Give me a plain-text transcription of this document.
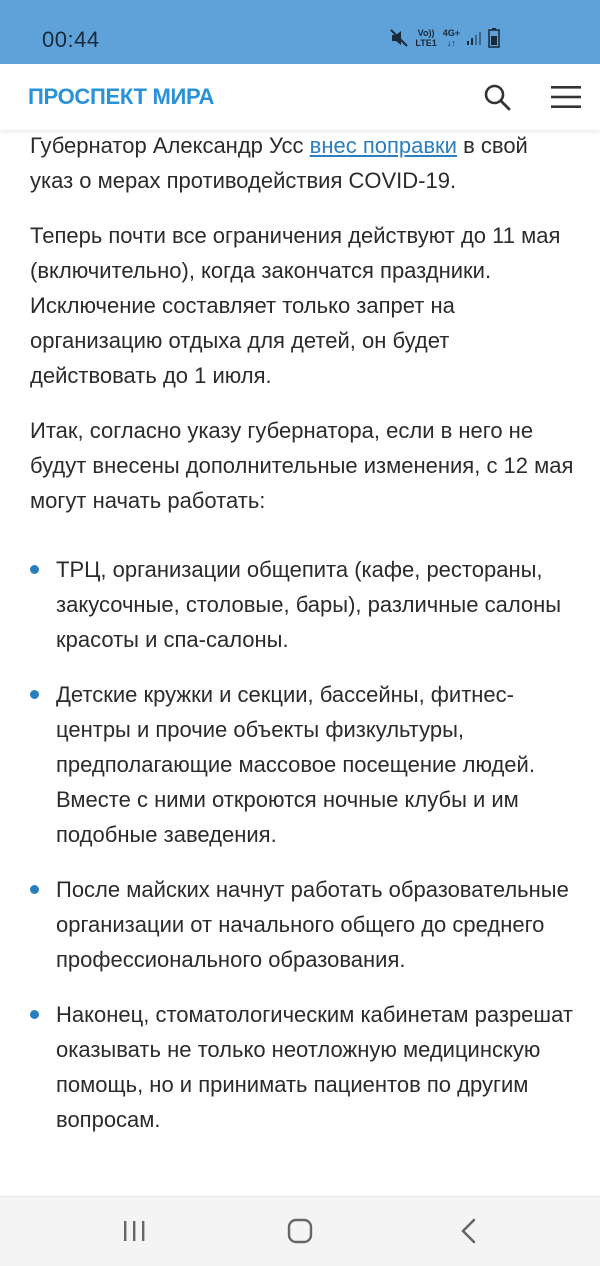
00:44	Vo))
LTE1
4G+
↓↑
ПРОСПЕКТ МИРА

Губернатор Александр Усс внес поправки в свой указ о мерах противодействия COVID-19.

Теперь почти все ограничения действуют до 11 мая (включительно), когда закончатся праздники. Исключение составляет только запрет на организацию отдыха для детей, он будет действовать до 1 июля.

Итак, согласно указу губернатора, если в него не будут внесены дополнительные изменения, с 12 мая могут начать работать:

ТРЦ, организации общепита (кафе, рестораны, закусочные, столовые, бары), различные салоны красоты и спа-салоны.
Детские кружки и секции, бассейны, фитнес-центры и прочие объекты физкультуры, предполагающие массовое посещение людей. Вместе с ними откроются ночные клубы и им подобные заведения.
После майских начнут работать образовательные организации от начального общего до среднего профессионального образования.
Наконец, стоматологическим кабинетам разрешат оказывать не только неотложную медицинскую помощь, но и принимать пациентов по другим вопросам.
